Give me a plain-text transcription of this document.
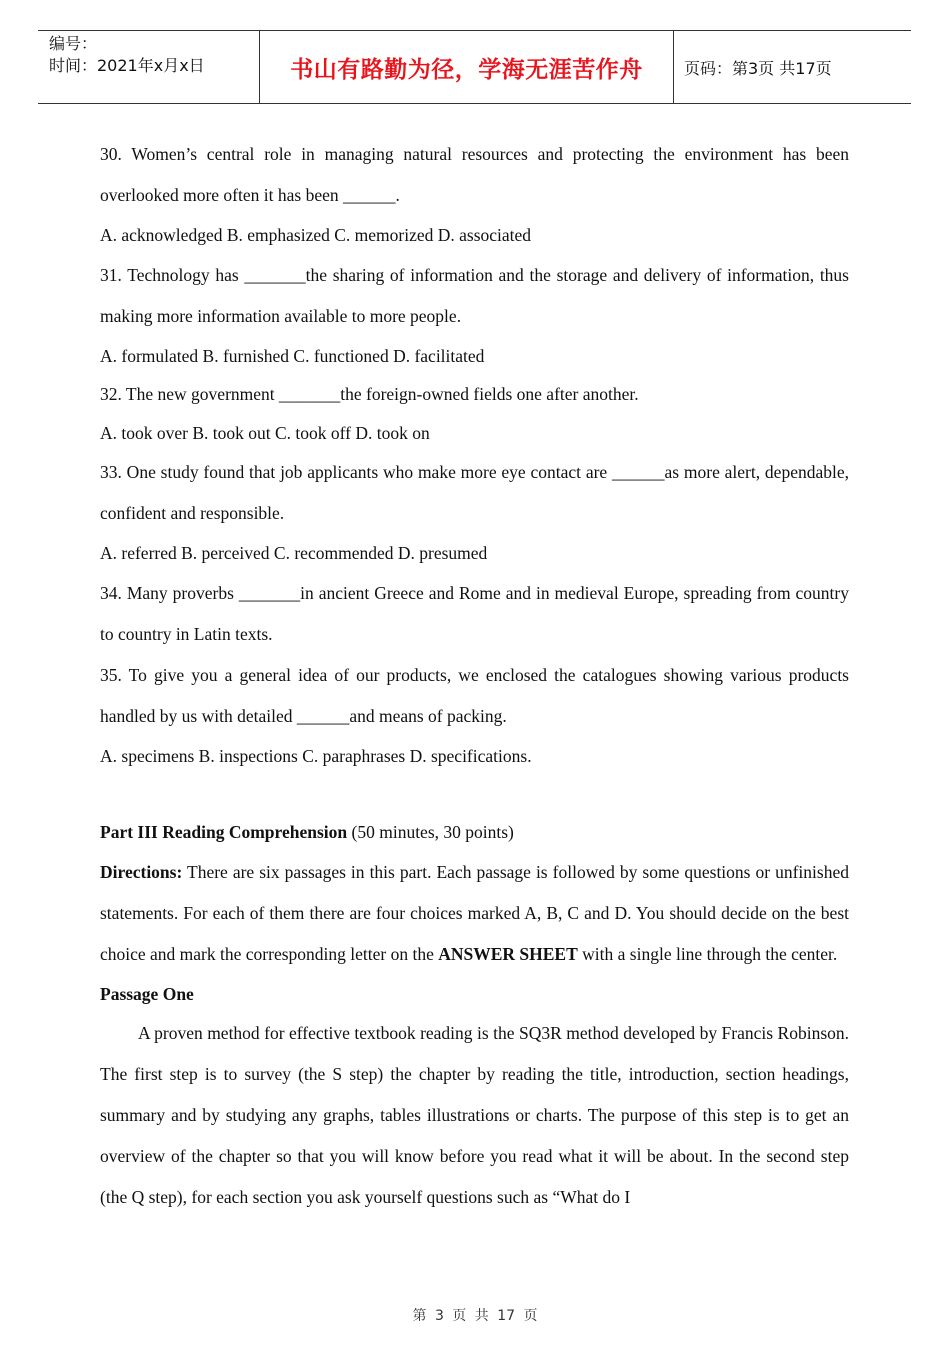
编号：
时间：2021年x月x日	书山有路勤为径，学海无涯苦作舟	页码：第3页 共17页

30. Women’s central role in managing natural resources and protecting the environment has been overlooked more often it has been ______.

A. acknowledged B. emphasized C. memorized D. associated

31. Technology has _______the sharing of information and the storage and delivery of information, thus making more information available to more people.

A. formulated B. furnished C. functioned D. facilitated

32. The new government _______the foreign-owned fields one after another.

A. took over B. took out C. took off D. took on

33. One study found that job applicants who make more eye contact are ______as more alert, dependable, confident and responsible.

A. referred B. perceived C. recommended D. presumed

34. Many proverbs _______in ancient Greece and Rome and in medieval Europe, spreading from country to country in Latin texts.

35. To give you a general idea of our products, we enclosed the catalogues showing various products handled by us with detailed ______and means of packing.

A. specimens B. inspections C. paraphrases D. specifications.

Part III Reading Comprehension (50 minutes, 30 points)

Directions: There are six passages in this part. Each passage is followed by some questions or unfinished statements. For each of them there are four choices marked A, B, C and D. You should decide on the best choice and mark the corresponding letter on the ANSWER SHEET with a single line through the center.

Passage One

A proven method for effective textbook reading is the SQ3R method developed by Francis Robinson. The first step is to survey (the S step) the chapter by reading the title, introduction, section headings, summary and by studying any graphs, tables illustrations or charts. The purpose of this step is to get an overview of the chapter so that you will know before you read what it will be about. In the second step (the Q step), for each section you ask yourself questions such as “What do I

第 3 页 共 17 页
